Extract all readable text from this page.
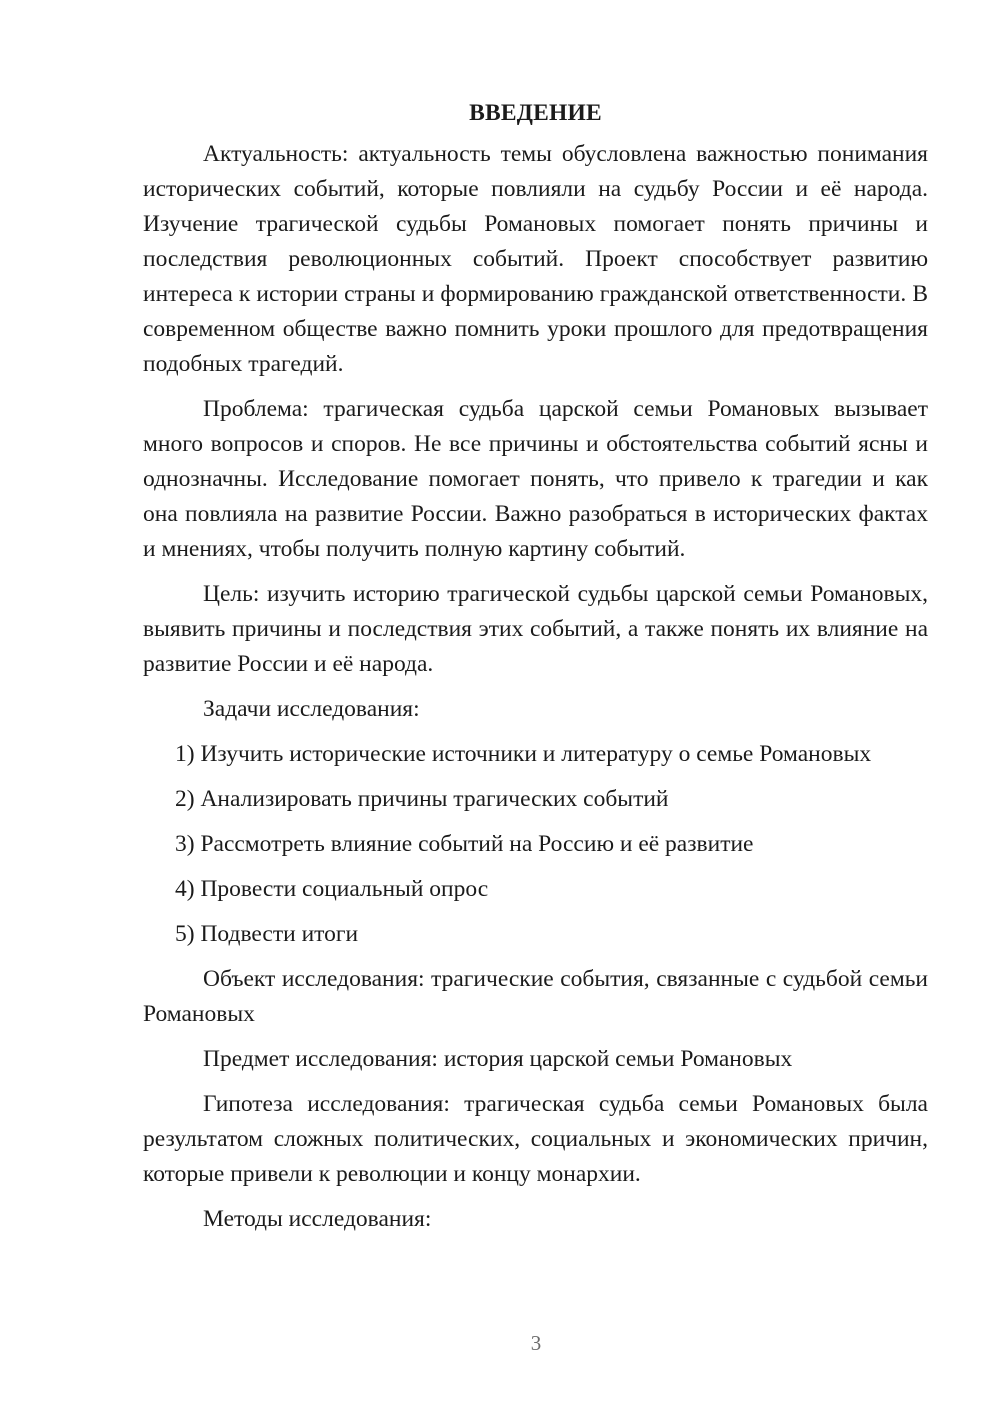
ВВЕДЕНИЕ

Актуальность: актуальность темы обусловлена важностью понимания исторических событий, которые повлияли на судьбу России и её народа. Изучение трагической судьбы Романовых помогает понять причины и последствия революционных событий. Проект способствует развитию интереса к истории страны и формированию гражданской ответственности. В современном обществе важно помнить уроки прошлого для предотвращения подобных трагедий.

Проблема: трагическая судьба царской семьи Романовых вызывает много вопросов и споров. Не все причины и обстоятельства событий ясны и однозначны. Исследование помогает понять, что привело к трагедии и как она повлияла на развитие России. Важно разобраться в исторических фактах и мнениях, чтобы получить полную картину событий.

Цель: изучить историю трагической судьбы царской семьи Романовых, выявить причины и последствия этих событий, а также понять их влияние на развитие России и её народа.

Задачи исследования:

1) Изучить исторические источники и литературу о семье Романовых
2) Анализировать причины трагических событий
3) Рассмотреть влияние событий на Россию и её развитие
4) Провести социальный опрос
5) Подвести итоги

Объект исследования: трагические события, связанные с судьбой семьи Романовых

Предмет исследования: история царской семьи Романовых

Гипотеза исследования: трагическая судьба семьи Романовых была результатом сложных политических, социальных и экономических причин, которые привели к революции и концу монархии.

Методы исследования:

3
